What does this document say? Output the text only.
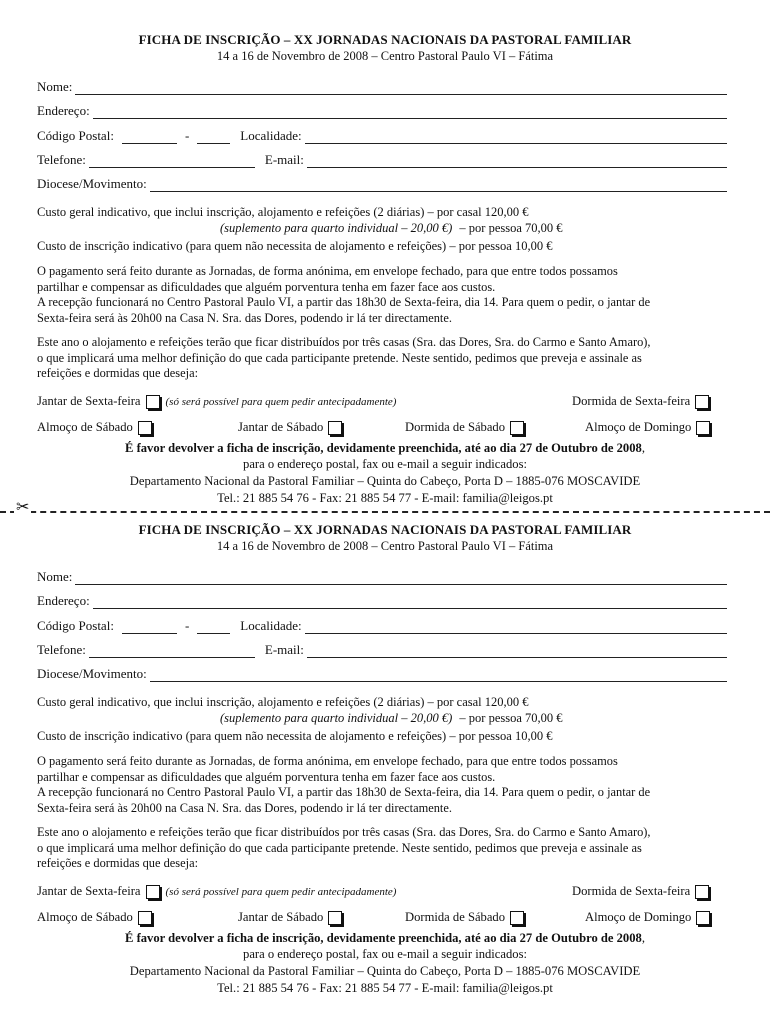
FICHA DE INSCRIÇÃO – XX JORNADAS NACIONAIS DA PASTORAL FAMILIAR
14 a 16 de Novembro de 2008 – Centro Pastoral Paulo VI – Fátima
Nome:
Endereço:
Código Postal:	-	Localidade:
Telefone:	E-mail:
Diocese/Movimento:
Custo geral indicativo, que inclui inscrição, alojamento e refeições (2 diárias) – por casal 120,00 €
(suplemento para quarto individual – 20,00 €) – por pessoa 70,00 €
Custo de inscrição indicativo (para quem não necessita de alojamento e refeições) – por pessoa 10,00 €
O pagamento será feito durante as Jornadas, de forma anónima, em envelope fechado, para que entre todos possamos
partilhar e compensar as dificuldades que alguém porventura tenha em fazer face aos custos.
A recepção funcionará no Centro Pastoral Paulo VI, a partir das 18h30 de Sexta-feira, dia 14. Para quem o pedir, o jantar de
Sexta-feira será às 20h00 na Casa N. Sra. das Dores, podendo ir lá ter directamente.
Este ano o alojamento e refeições terão que ficar distribuídos por três casas (Sra. das Dores, Sra. do Carmo e Santo Amaro),
o que implicará uma melhor definição do que cada participante pretende. Neste sentido, pedimos que preveja e assinale as
refeições e dormidas que deseja:
Jantar de Sexta-feira (só será possível para quem pedir antecipadamente)	Dormida de Sexta-feira
Almoço de Sábado	Jantar de Sábado	Dormida de Sábado	Almoço de Domingo
É favor devolver a ficha de inscrição, devidamente preenchida, até ao dia 27 de Outubro de 2008,
para o endereço postal, fax ou e-mail a seguir indicados:
Departamento Nacional da Pastoral Familiar – Quinta do Cabeço, Porta D – 1885-076 MOSCAVIDE
Tel.: 21 885 54 76 - Fax: 21 885 54 77 - E-mail: familia@leigos.pt
✂
FICHA DE INSCRIÇÃO – XX JORNADAS NACIONAIS DA PASTORAL FAMILIAR
14 a 16 de Novembro de 2008 – Centro Pastoral Paulo VI – Fátima
Nome:
Endereço:
Código Postal:	-	Localidade:
Telefone:	E-mail:
Diocese/Movimento:
Custo geral indicativo, que inclui inscrição, alojamento e refeições (2 diárias) – por casal 120,00 €
(suplemento para quarto individual – 20,00 €) – por pessoa 70,00 €
Custo de inscrição indicativo (para quem não necessita de alojamento e refeições) – por pessoa 10,00 €
O pagamento será feito durante as Jornadas, de forma anónima, em envelope fechado, para que entre todos possamos
partilhar e compensar as dificuldades que alguém porventura tenha em fazer face aos custos.
A recepção funcionará no Centro Pastoral Paulo VI, a partir das 18h30 de Sexta-feira, dia 14. Para quem o pedir, o jantar de
Sexta-feira será às 20h00 na Casa N. Sra. das Dores, podendo ir lá ter directamente.
Este ano o alojamento e refeições terão que ficar distribuídos por três casas (Sra. das Dores, Sra. do Carmo e Santo Amaro),
o que implicará uma melhor definição do que cada participante pretende. Neste sentido, pedimos que preveja e assinale as
refeições e dormidas que deseja:
Jantar de Sexta-feira (só será possível para quem pedir antecipadamente)	Dormida de Sexta-feira
Almoço de Sábado	Jantar de Sábado	Dormida de Sábado	Almoço de Domingo
É favor devolver a ficha de inscrição, devidamente preenchida, até ao dia 27 de Outubro de 2008,
para o endereço postal, fax ou e-mail a seguir indicados:
Departamento Nacional da Pastoral Familiar – Quinta do Cabeço, Porta D – 1885-076 MOSCAVIDE
Tel.: 21 885 54 76 - Fax: 21 885 54 77 - E-mail: familia@leigos.pt
